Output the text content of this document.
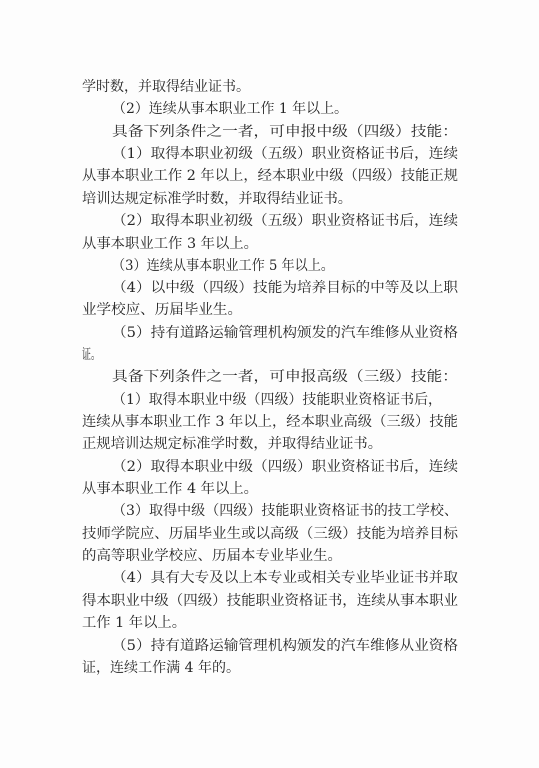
学时数，并取得结业证书。
（2）连续从事本职业工作 1 年以上。
具备下列条件之一者，可申报中级（四级）技能：
（1）取得本职业初级（五级）职业资格证书后，连续
从事本职业工作 2 年以上，经本职业中级（四级）技能正规
培训达规定标准学时数，并取得结业证书。
（2）取得本职业初级（五级）职业资格证书后，连续
从事本职业工作 3 年以上。
（3）连续从事本职业工作 5 年以上。
（4）以中级（四级）技能为培养目标的中等及以上职
业学校应、历届毕业生。
（5）持有道路运输管理机构颁发的汽车维修从业资格
证。
具备下列条件之一者，可申报高级（三级）技能：
（1）取得本职业中级（四级）技能职业资格证书后，
连续从事本职业工作 3 年以上，经本职业高级（三级）技能
正规培训达规定标准学时数，并取得结业证书。
（2）取得本职业中级（四级）职业资格证书后，连续
从事本职业工作 4 年以上。
（3）取得中级（四级）技能职业资格证书的技工学校、
技师学院应、历届毕业生或以高级（三级）技能为培养目标
的高等职业学校应、历届本专业毕业生。
（4）具有大专及以上本专业或相关专业毕业证书并取
得本职业中级（四级）技能职业资格证书，连续从事本职业
工作 1 年以上。
（5）持有道路运输管理机构颁发的汽车维修从业资格
证，连续工作满 4 年的。
